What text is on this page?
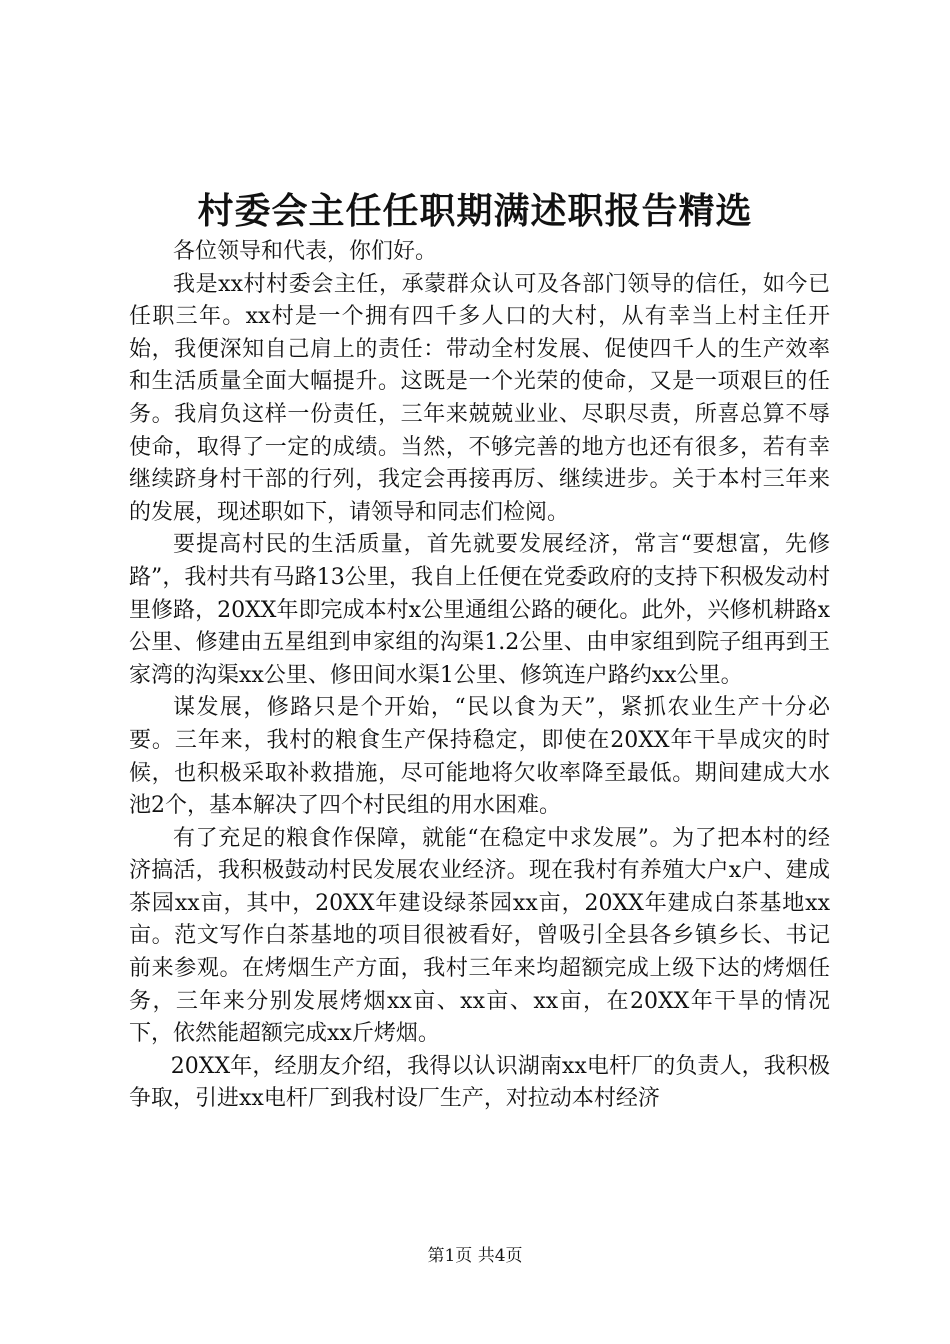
村委会主任任职期满述职报告精选

各位领导和代表，你们好。

我是xx村村委会主任，承蒙群众认可及各部门领导的信任，如今已任职三年。xx村是一个拥有四千多人口的大村，从有幸当上村主任开始，我便深知自己肩上的责任：带动全村发展、促使四千人的生产效率和生活质量全面大幅提升。这既是一个光荣的使命，又是一项艰巨的任务。我肩负这样一份责任，三年来兢兢业业、尽职尽责，所喜总算不辱使命，取得了一定的成绩。当然，不够完善的地方也还有很多，若有幸继续跻身村干部的行列，我定会再接再厉、继续进步。关于本村三年来的发展，现述职如下，请领导和同志们检阅。

要提高村民的生活质量，首先就要发展经济，常言“要想富，先修路”，我村共有马路13公里，我自上任便在党委政府的支持下积极发动村里修路，20XX年即完成本村x公里通组公路的硬化。此外，兴修机耕路x公里、修建由五星组到申家组的沟渠1.2公里、由申家组到院子组再到王家湾的沟渠xx公里、修田间水渠1公里、修筑连户路约xx公里。

谋发展，修路只是个开始，“民以食为天”，紧抓农业生产十分必要。三年来，我村的粮食生产保持稳定，即使在20XX年干旱成灾的时候，也积极采取补救措施，尽可能地将欠收率降至最低。期间建成大水池2个，基本解决了四个村民组的用水困难。

有了充足的粮食作保障，就能“在稳定中求发展”。为了把本村的经济搞活，我积极鼓动村民发展农业经济。现在我村有养殖大户x户、建成茶园xx亩，其中，20XX年建设绿茶园xx亩，20XX年建成白茶基地xx亩。范文写作白茶基地的项目很被看好，曾吸引全县各乡镇乡长、书记前来参观。在烤烟生产方面，我村三年来均超额完成上级下达的烤烟任务，三年来分别发展烤烟xx亩、xx亩、xx亩，在20XX年干旱的情况下，依然能超额完成xx斤烤烟。

20XX年，经朋友介绍，我得以认识湖南xx电杆厂的负责人，我积极争取，引进xx电杆厂到我村设厂生产，对拉动本村经济

第1页 共4页
